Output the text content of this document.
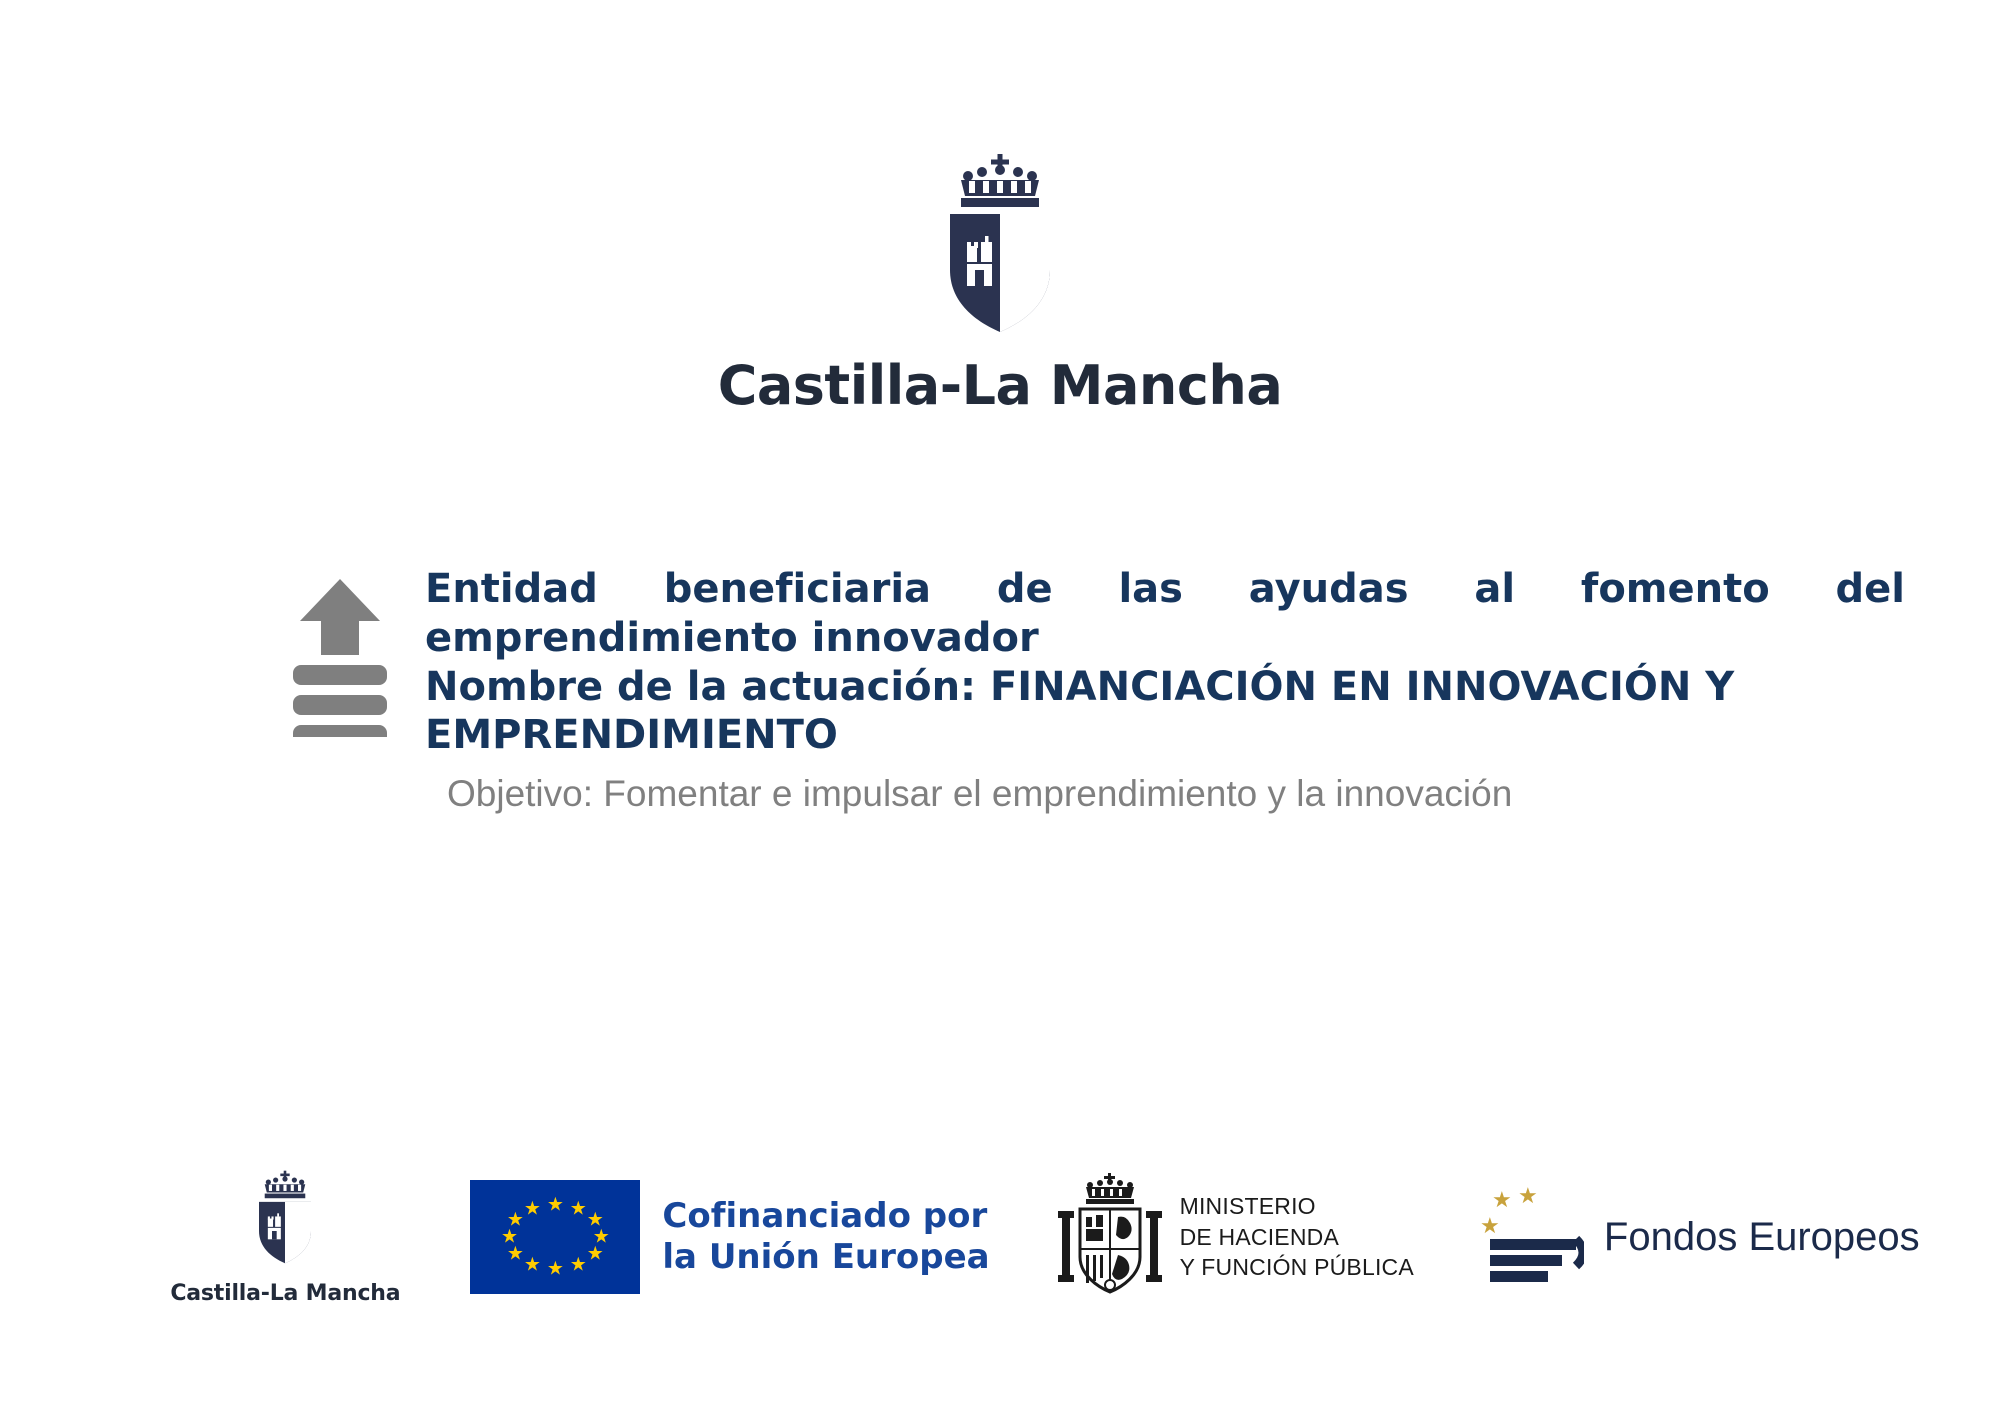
Castilla-La Mancha

Entidad beneficiaria de las ayudas al fomento del
emprendimiento innovador

Nombre de la actuación: FINANCIACIÓN EN INNOVACIÓN Y EMPRENDIMIENTO

Objetivo: Fomentar e impulsar el emprendimiento y la innovación

Castilla-La Mancha
★ ★
★
★
★
★
★
★
★
★
★
★	Cofinanciado por
la Unión Europea
MINISTERIO
DE HACIENDA
Y FUNCIÓN PÚBLICA
★ ★
★	Fondos Europeos
